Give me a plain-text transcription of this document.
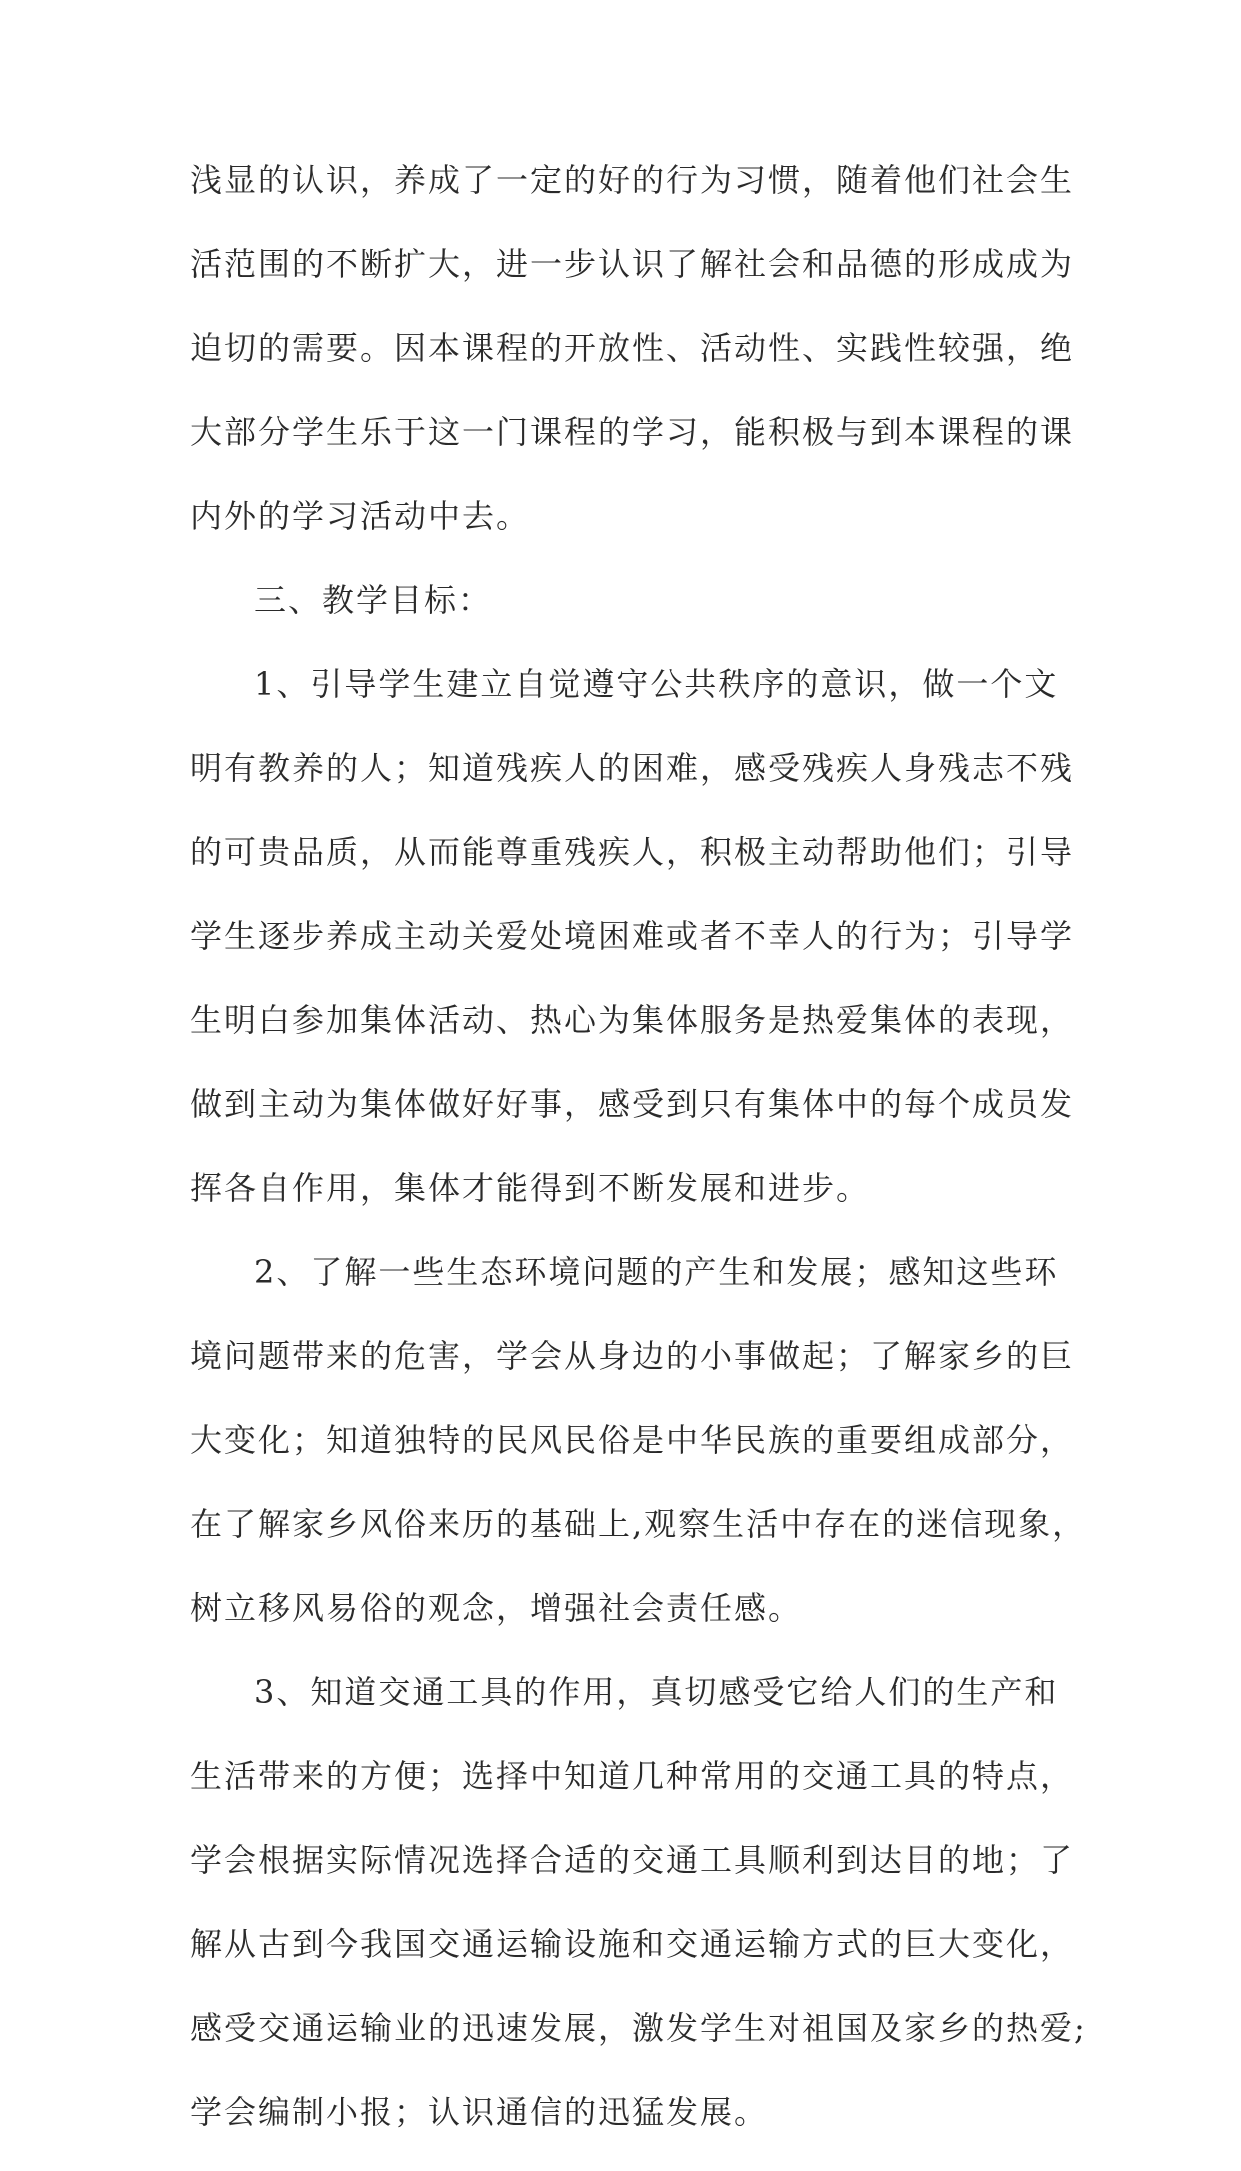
浅显的认识，养成了一定的好的行为习惯，随着他们社会生
活范围的不断扩大，进一步认识了解社会和品德的形成成为
迫切的需要。因本课程的开放性、活动性、实践性较强，绝
大部分学生乐于这一门课程的学习，能积极与到本课程的课
内外的学习活动中去。
三、教学目标：
1、引导学生建立自觉遵守公共秩序的意识，做一个文
明有教养的人；知道残疾人的困难，感受残疾人身残志不残
的可贵品质，从而能尊重残疾人，积极主动帮助他们；引导
学生逐步养成主动关爱处境困难或者不幸人的行为；引导学
生明白参加集体活动、热心为集体服务是热爱集体的表现，
做到主动为集体做好好事，感受到只有集体中的每个成员发
挥各自作用，集体才能得到不断发展和进步。
2、了解一些生态环境问题的产生和发展；感知这些环
境问题带来的危害，学会从身边的小事做起；了解家乡的巨
大变化；知道独特的民风民俗是中华民族的重要组成部分，
在了解家乡风俗来历的基础上,观察生活中存在的迷信现象，
树立移风易俗的观念，增强社会责任感。
3、知道交通工具的作用，真切感受它给人们的生产和
生活带来的方便；选择中知道几种常用的交通工具的特点，
学会根据实际情况选择合适的交通工具顺利到达目的地；了
解从古到今我国交通运输设施和交通运输方式的巨大变化，
感受交通运输业的迅速发展，激发学生对祖国及家乡的热爱;
学会编制小报；认识通信的迅猛发展。
